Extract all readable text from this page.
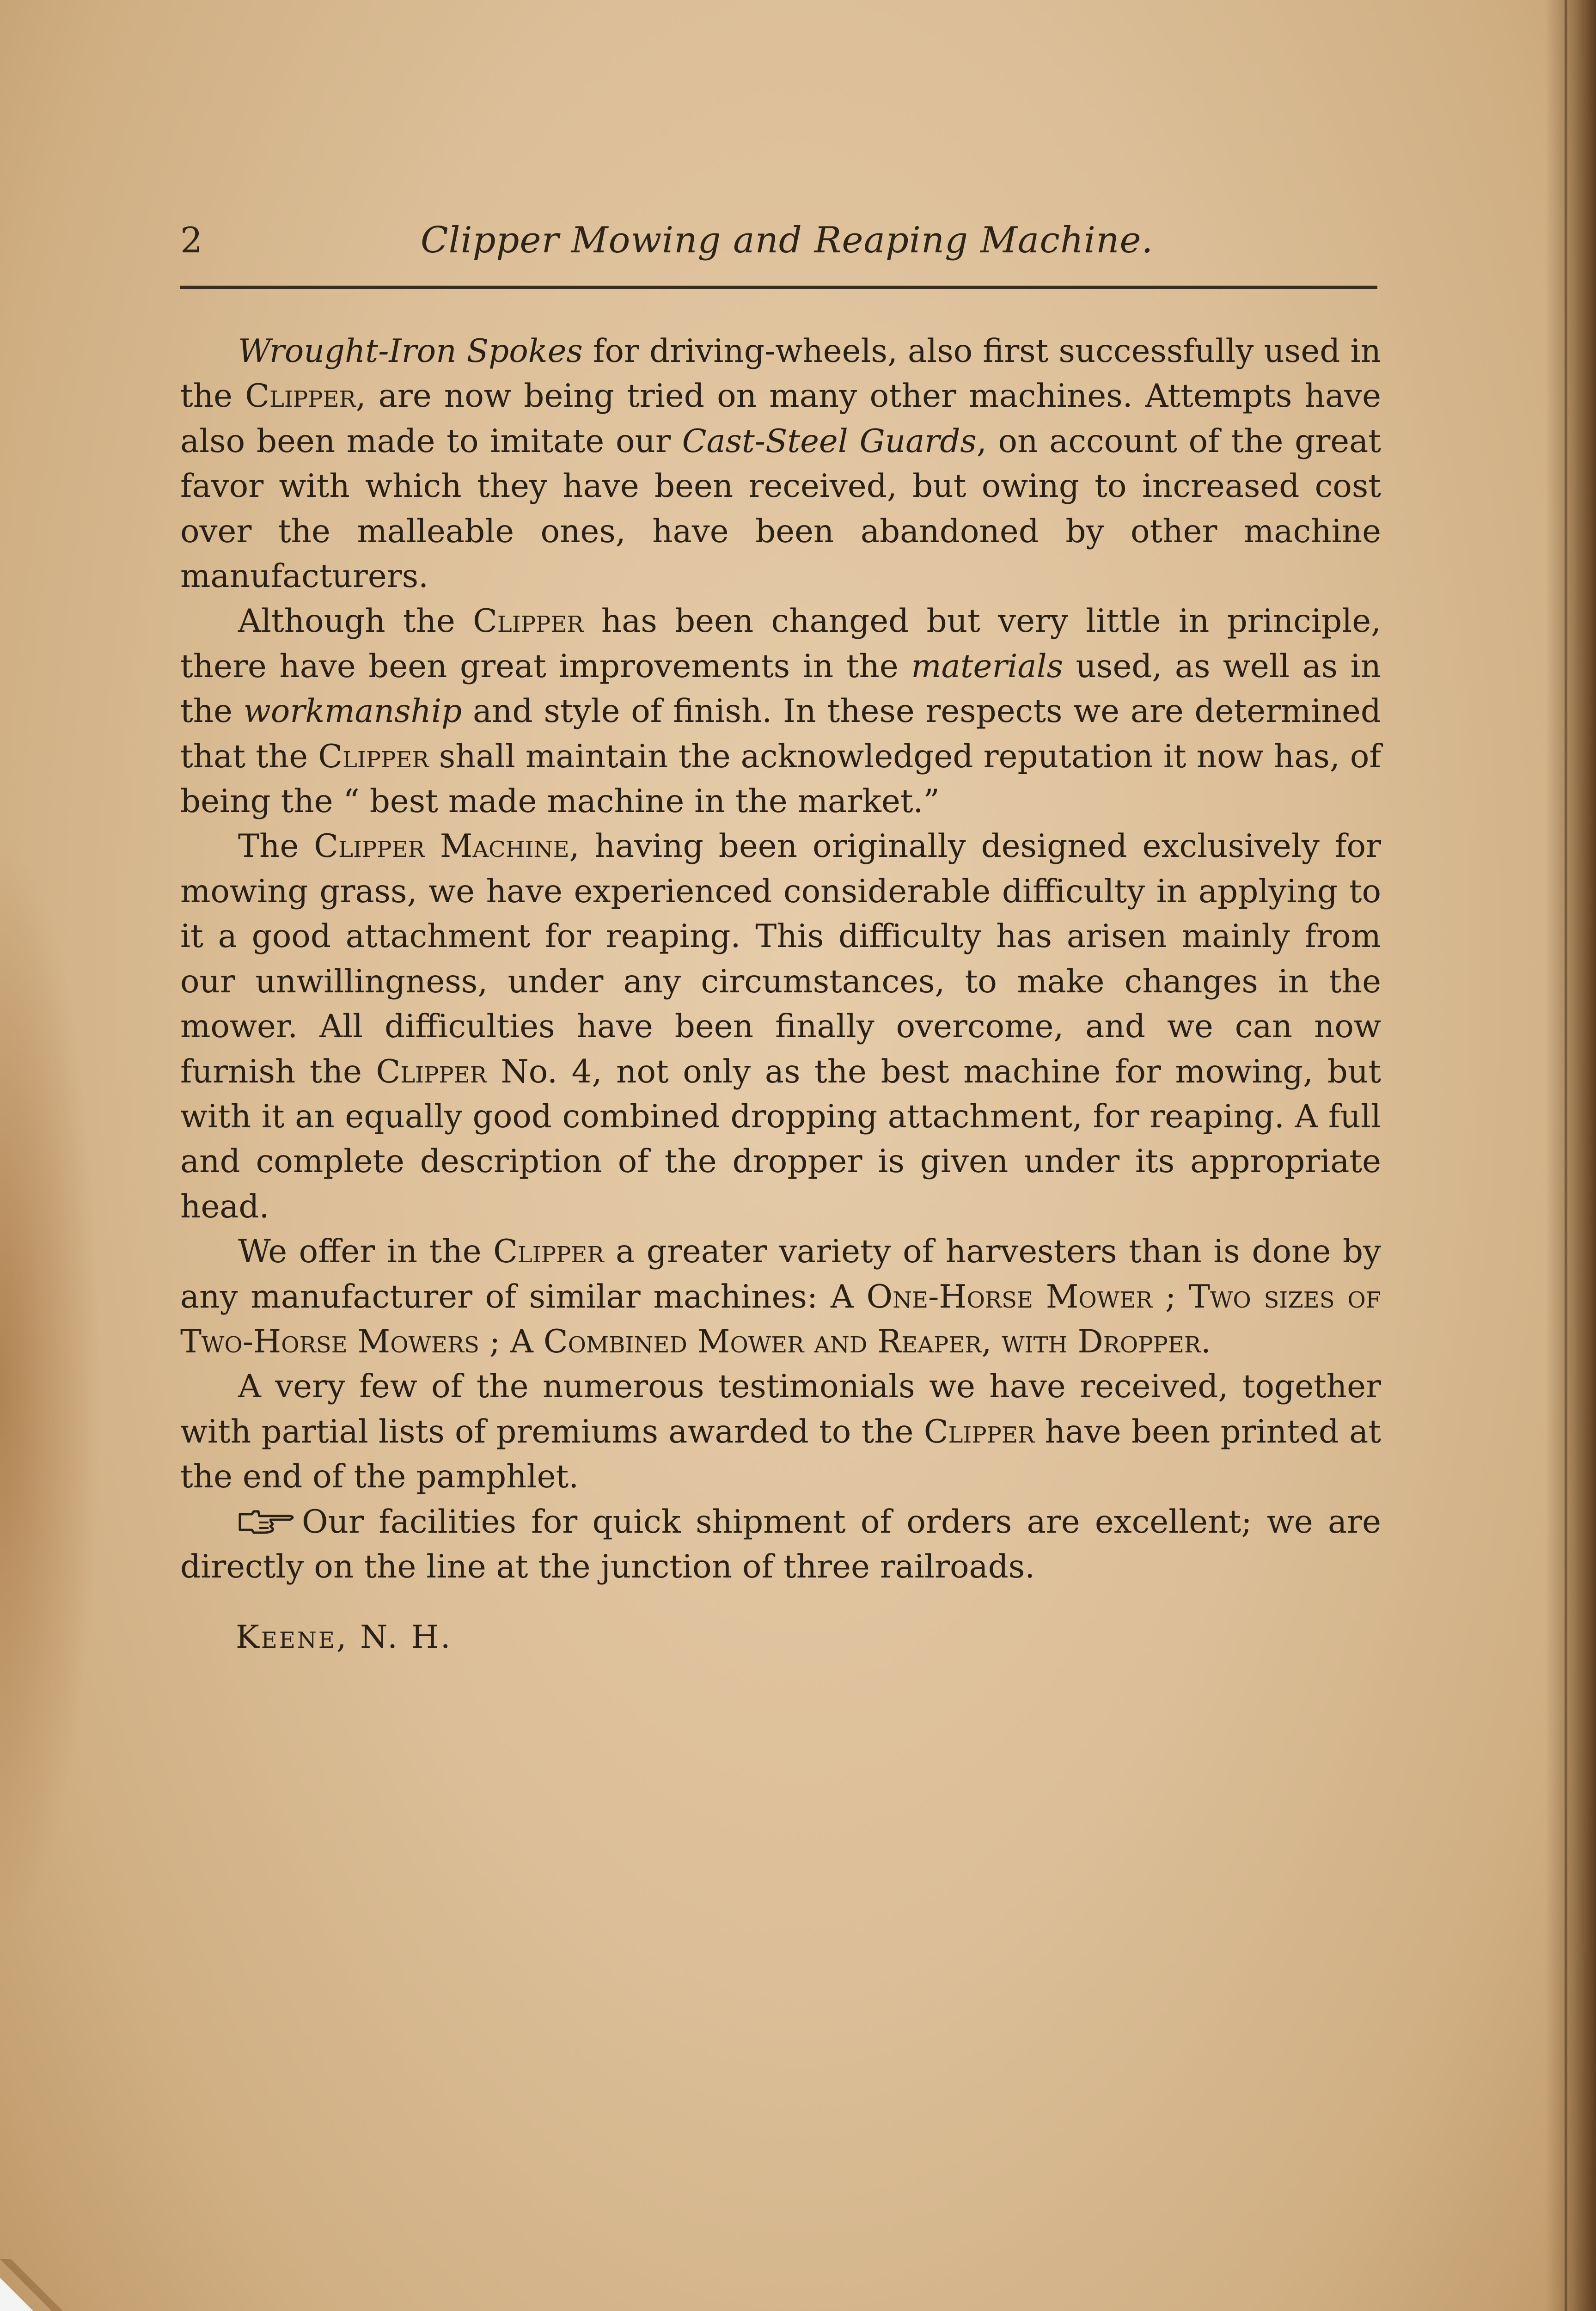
2	Clipper Mowing and Reaping Machine.

Wrought-Iron Spokes for driving-wheels, also first successfully used in the Clipper, are now being tried on many other machines. Attempts have also been made to imitate our Cast-Steel Guards, on account of the great favor with which they have been received, but owing to increased cost over the malleable ones, have been abandoned by other machine manufacturers.

Although the Clipper has been changed but very little in principle, there have been great improvements in the materials used, as well as in the workmanship and style of finish. In these respects we are determined that the Clipper shall maintain the acknowledged reputation it now has, of being the “ best made machine in the market.”

The Clipper Machine, having been originally designed exclusively for mowing grass, we have experienced considerable difficulty in applying to it a good attachment for reaping. This difficulty has arisen mainly from our unwillingness, under any circumstances, to make changes in the mower. All difficulties have been finally overcome, and we can now furnish the Clipper No. 4, not only as the best machine for mowing, but with it an equally good combined dropping attachment, for reaping. A full and complete description of the dropper is given under its appropriate head.

We offer in the Clipper a greater variety of harvesters than is done by any manufacturer of similar machines: A One-Horse Mower ; Two sizes of Two-Horse Mowers ; A Combined Mower and Reaper, with Dropper.

A very few of the numerous testimonials we have received, together with partial lists of premiums awarded to the Clipper have been printed at the end of the pamphlet.

Our facilities for quick shipment of orders are excellent; we are directly on the line at the junction of three railroads.

Keene, N. H.
